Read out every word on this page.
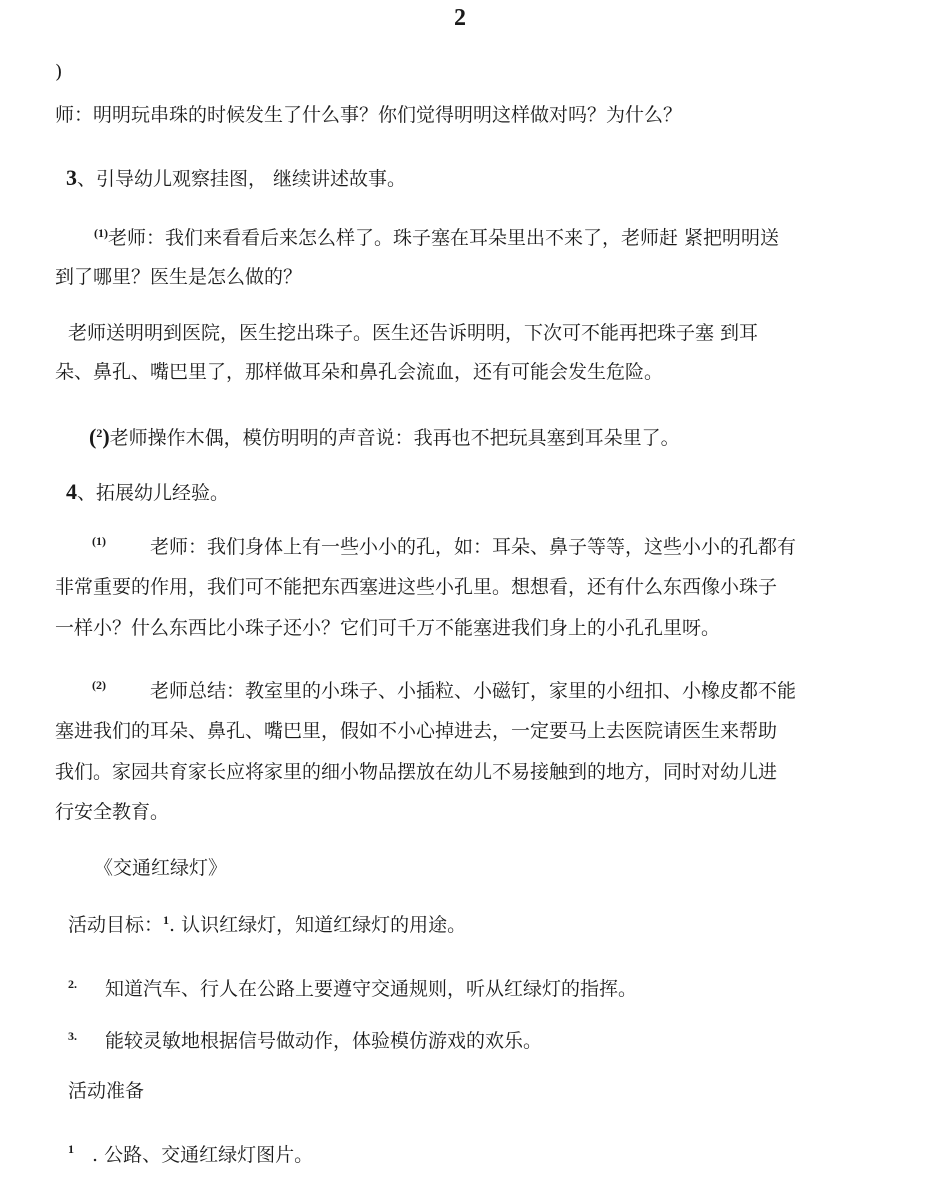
2
)
师：明明玩串珠的时候发生了什么事？你们觉得明明这样做对吗？为什么？
3、引导幼儿观察挂图， 继续讲述故事。
$^{(1)}$老师：我们来看看后来怎么样了。珠子塞在耳朵里出不来了，老师赶 紧把明明送
到了哪里？医生是怎么做的？
老师送明明到医院，医生挖出珠子。医生还告诉明明，下次可不能再把珠子塞 到耳
朵、鼻孔、嘴巴里了，那样做耳朵和鼻孔会流血，还有可能会发生危险。
($^2$)老师操作木偶，模仿明明的声音说：我再也不把玩具塞到耳朵里了。
4、拓展幼儿经验。
(1) 老师：我们身体上有一些小小的孔，如：耳朵、鼻子等等，这些小小的孔都有
非常重要的作用，我们可不能把东西塞进这些小孔里。想想看，还有什么东西像小珠子
一样小？什么东西比小珠子还小？它们可千万不能塞进我们身上的小孔孔里呀。
(2) 老师总结：教室里的小珠子、小插粒、小磁钉，家里的小纽扣、小橡皮都不能
塞进我们的耳朵、鼻孔、嘴巴里，假如不小心掉进去，一定要马上去医院请医生来帮助
我们。家园共育家长应将家里的细小物品摆放在幼儿不易接触到的地方，同时对幼儿进
行安全教育。
《交通红绿灯》
活动目标：$^1$. 认识红绿灯，知道红绿灯的用途。
2. 知道汽车、行人在公路上要遵守交通规则，听从红绿灯的指挥。
3. 能较灵敏地根据信号做动作，体验模仿游戏的欢乐。
活动准备
1 . 公路、交通红绿灯图片。
